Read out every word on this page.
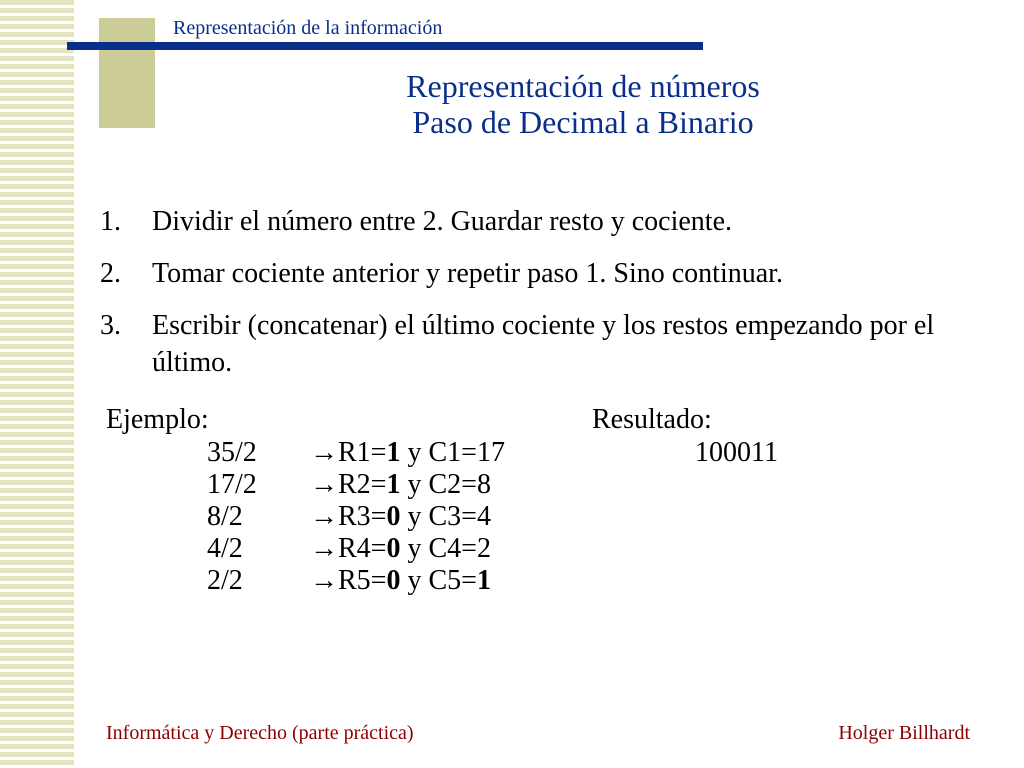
Representación de la información
Representación de números
Paso de Decimal a Binario
1.	Dividir el número entre 2. Guardar resto y cociente.
2.	Tomar cociente anterior y repetir paso 1. Sino continuar.
3.	Escribir (concatenar) el último cociente y los restos empezando por el último.
Ejemplo:	Resultado:
100011
35/2	→ R1= 1 y C1= 17
17/2	→ R2= 1 y C2= 8
8/2	→ R3= 0 y C3= 4
4/2	→ R4= 0 y C4= 2
2/2	→ R5= 0 y C5= 1
Informática y Derecho (parte práctica)	Holger Billhardt
